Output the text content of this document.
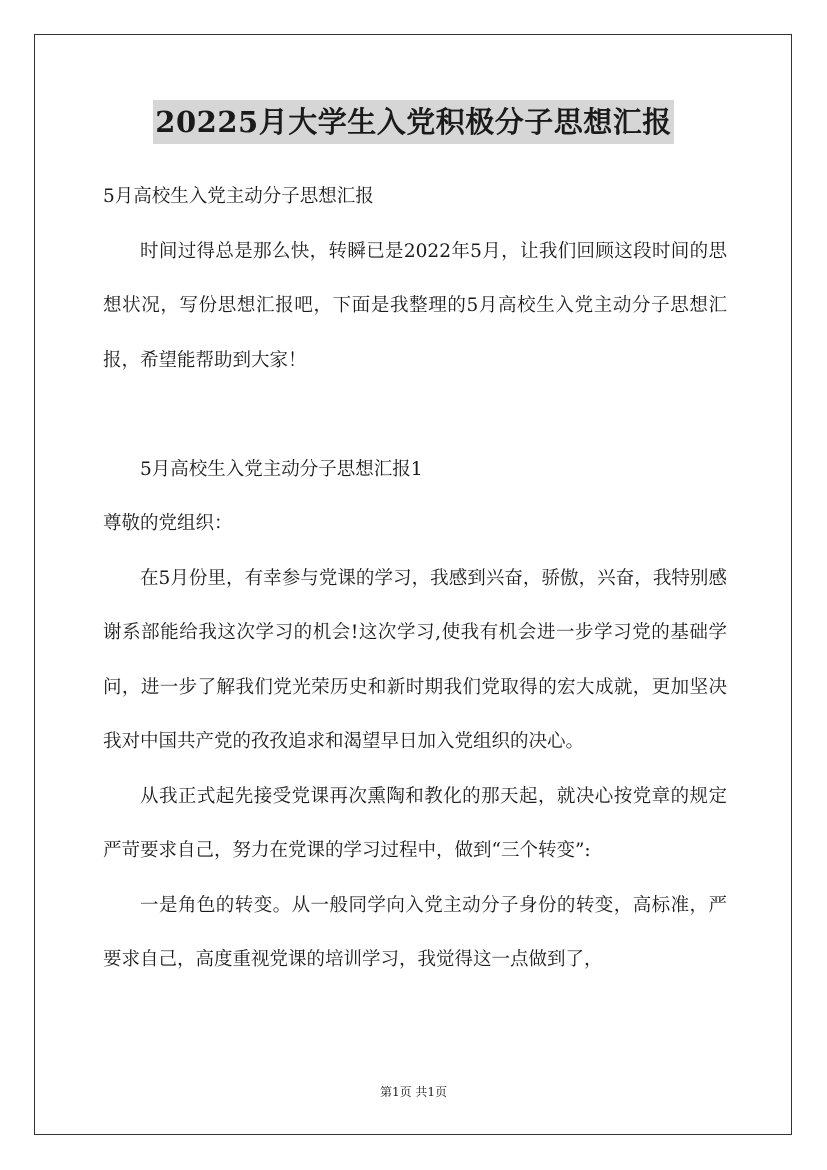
20225月大学生入党积极分子思想汇报

5月高校生入党主动分子思想汇报

时间过得总是那么快，转瞬已是2022年5月，让我们回顾这段时间的思想状况，写份思想汇报吧，下面是我整理的5月高校生入党主动分子思想汇报，希望能帮助到大家！

5月高校生入党主动分子思想汇报1

尊敬的党组织：

在5月份里，有幸参与党课的学习，我感到兴奋，骄傲，兴奋，我特别感谢系部能给我这次学习的机会!这次学习,使我有机会进一步学习党的基础学问，进一步了解我们党光荣历史和新时期我们党取得的宏大成就，更加坚决我对中国共产党的孜孜追求和渴望早日加入党组织的决心。

从我正式起先接受党课再次熏陶和教化的那天起，就决心按党章的规定严苛要求自己，努力在党课的学习过程中，做到“三个转变”:

一是角色的转变。从一般同学向入党主动分子身份的转变，高标准，严要求自己，高度重视党课的培训学习，我觉得这一点做到了，

第1页 共1页
